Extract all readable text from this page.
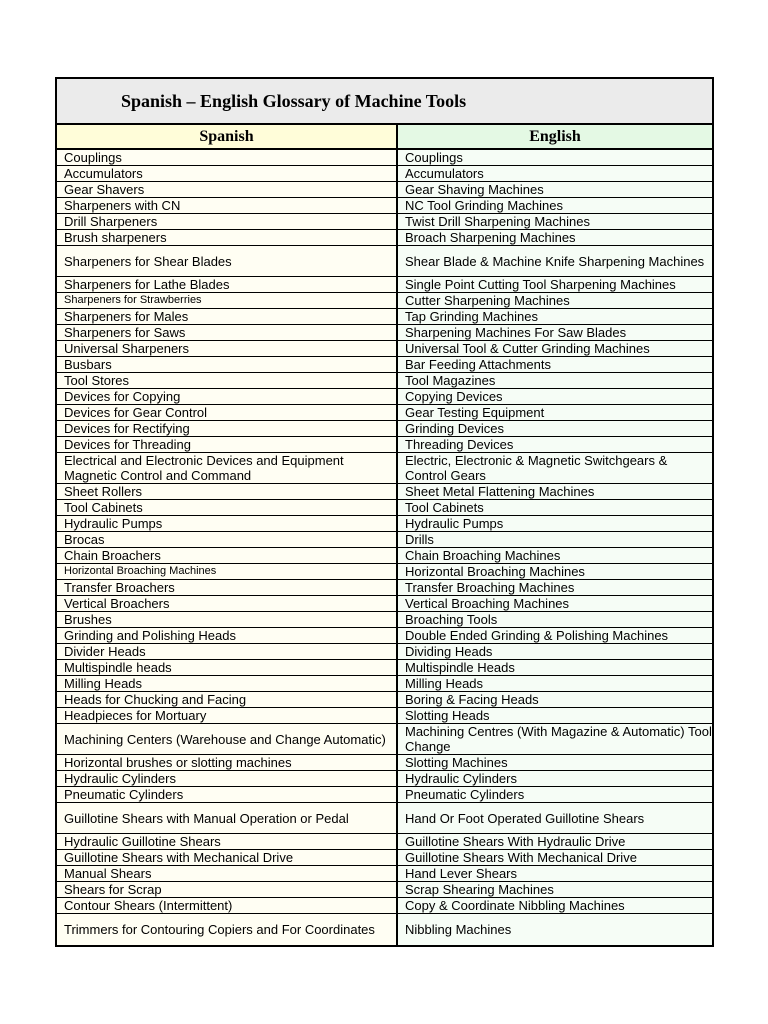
Spanish – English Glossary of Machine Tools
Spanish	English
Couplings	Couplings
Accumulators	Accumulators
Gear Shavers	Gear Shaving Machines
Sharpeners with CN	NC Tool Grinding Machines
Drill Sharpeners	Twist Drill Sharpening Machines
Brush sharpeners	Broach Sharpening Machines
Sharpeners for Shear Blades	Shear Blade & Machine Knife Sharpening Machines
Sharpeners for Lathe Blades	Single Point Cutting Tool Sharpening Machines
Sharpeners for Strawberries	Cutter Sharpening Machines
Sharpeners for Males	Tap Grinding Machines
Sharpeners for Saws	Sharpening Machines For Saw Blades
Universal Sharpeners	Universal Tool & Cutter Grinding Machines
Busbars	Bar Feeding Attachments
Tool Stores	Tool Magazines
Devices for Copying	Copying Devices
Devices for Gear Control	Gear Testing Equipment
Devices for Rectifying	Grinding Devices
Devices for Threading	Threading Devices
Electrical and Electronic Devices and Equipment Magnetic Control and Command	Electric, Electronic & Magnetic Switchgears & Control Gears
Sheet Rollers	Sheet Metal Flattening Machines
Tool Cabinets	Tool Cabinets
Hydraulic Pumps	Hydraulic Pumps
Brocas	Drills
Chain Broachers	Chain Broaching Machines
Horizontal Broaching Machines	Horizontal Broaching Machines
Transfer Broachers	Transfer Broaching Machines
Vertical Broachers	Vertical Broaching Machines
Brushes	Broaching Tools
Grinding and Polishing Heads	Double Ended Grinding & Polishing Machines
Divider Heads	Dividing Heads
Multispindle heads	Multispindle Heads
Milling Heads	Milling Heads
Heads for Chucking and Facing	Boring & Facing Heads
Headpieces for Mortuary	Slotting Heads
Machining Centers (Warehouse and Change Automatic)	Machining Centres (With Magazine & Automatic) Tool Change
Horizontal brushes or slotting machines	Slotting Machines
Hydraulic Cylinders	Hydraulic Cylinders
Pneumatic Cylinders	Pneumatic Cylinders
Guillotine Shears with Manual Operation or Pedal	Hand Or Foot Operated Guillotine Shears
Hydraulic Guillotine Shears	Guillotine Shears With Hydraulic Drive
Guillotine Shears with Mechanical Drive	Guillotine Shears With Mechanical Drive
Manual Shears	Hand Lever Shears
Shears for Scrap	Scrap Shearing Machines
Contour Shears (Intermittent)	Copy & Coordinate Nibbling Machines
Trimmers for Contouring Copiers and For Coordinates	Nibbling Machines
